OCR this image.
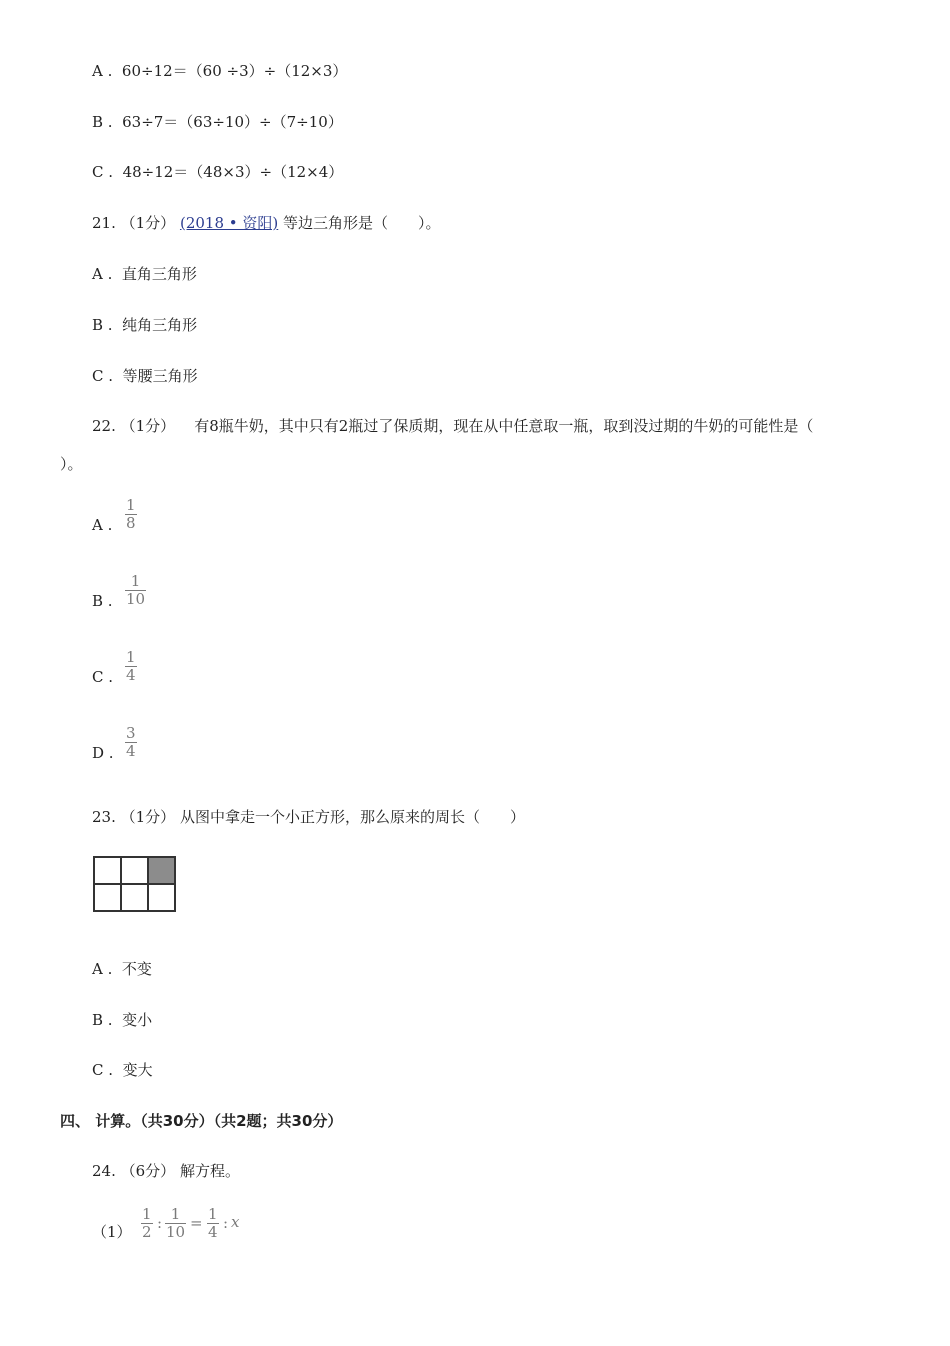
A . 60÷12＝（60 ÷3）÷（12×3）
B . 63÷7＝（63÷10）÷（7÷10）
C . 48÷12＝（48×3）÷（12×4）
21. （1分） (2018 • 资阳) 等边三角形是（　　）。
A . 直角三角形
B . 纯角三角形
C . 等腰三角形
22. （1分） 有8瓶牛奶，其中只有2瓶过了保质期，现在从中任意取一瓶，取到没过期的牛奶的可能性是（
）。
A .
1
8
B .
1
10
C .
1
4
D .
3
4
23. （1分） 从图中拿走一个小正方形，那么原来的周长（　　）
A . 不变
B . 变小
C . 变大
四、 计算。（共30分）（共2题；共30分）
24. （6分） 解方程。
（1）
1
2 : 1
10 = 1
4 : x
